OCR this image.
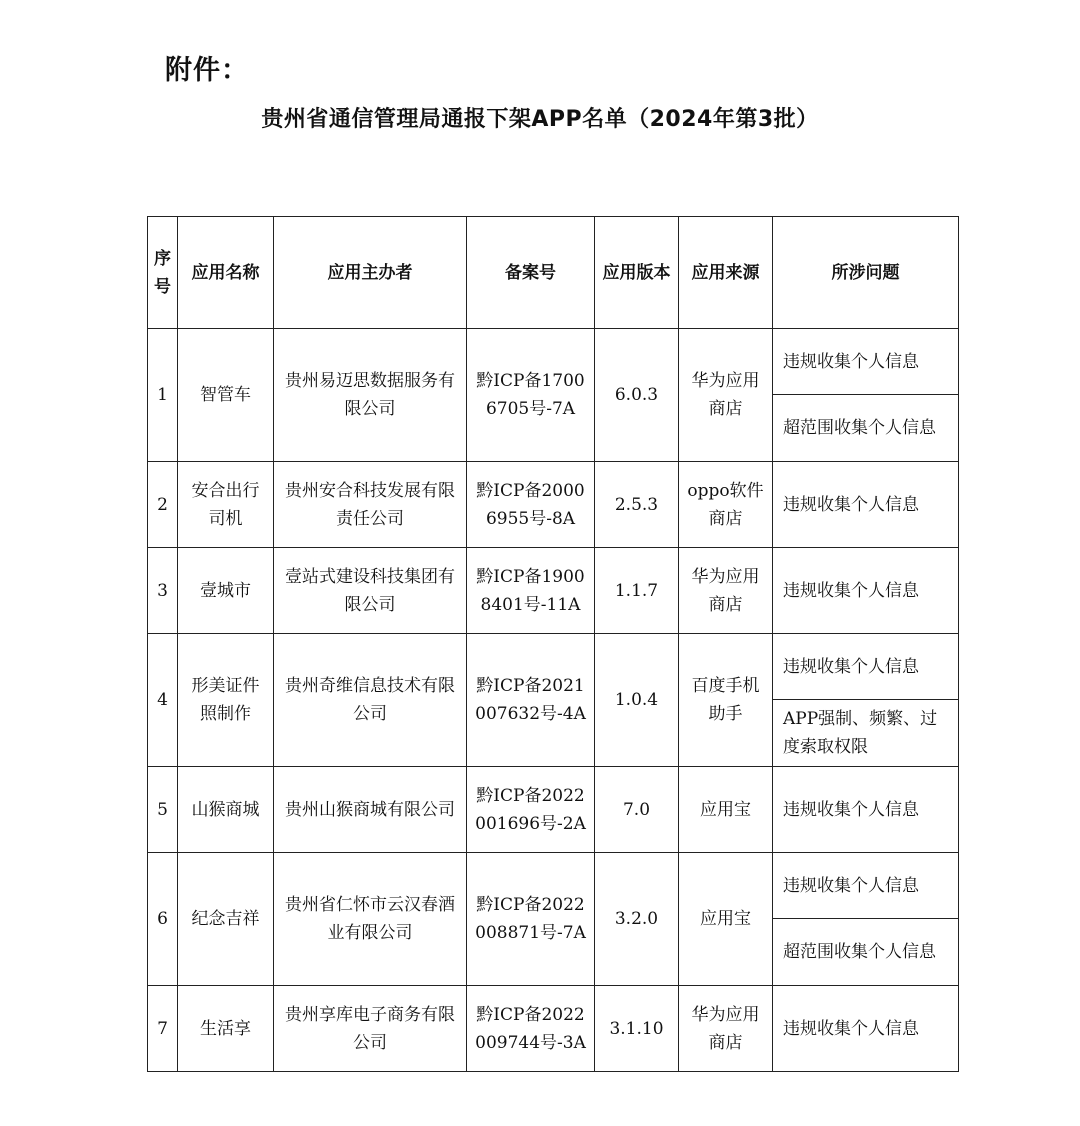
附件：
贵州省通信管理局通报下架APP名单（2024年第3批）
序号	应用名称	应用主办者	备案号	应用版本	应用来源	所涉问题
1	智管车	贵州易迈思数据服务有限公司	黔ICP备17006705号-7A	6.0.3	华为应用商店	违规收集个人信息
						超范围收集个人信息
2	安合出行司机	贵州安合科技发展有限责任公司	黔ICP备20006955号-8A	2.5.3	oppo软件商店	违规收集个人信息
3	壹城市	壹站式建设科技集团有限公司	黔ICP备19008401号-11A	1.1.7	华为应用商店	违规收集个人信息
4	形美证件照制作	贵州奇维信息技术有限公司	黔ICP备2021007632号-4A	1.0.4	百度手机助手	违规收集个人信息
						APP强制、频繁、过度索取权限
5	山猴商城	贵州山猴商城有限公司	黔ICP备2022001696号-2A	7.0	应用宝	违规收集个人信息
6	纪念吉祥	贵州省仁怀市云汉春酒业有限公司	黔ICP备2022008871号-7A	3.2.0	应用宝	违规收集个人信息
						超范围收集个人信息
7	生活享	贵州享库电子商务有限公司	黔ICP备2022009744号-3A	3.1.10	华为应用商店	违规收集个人信息
